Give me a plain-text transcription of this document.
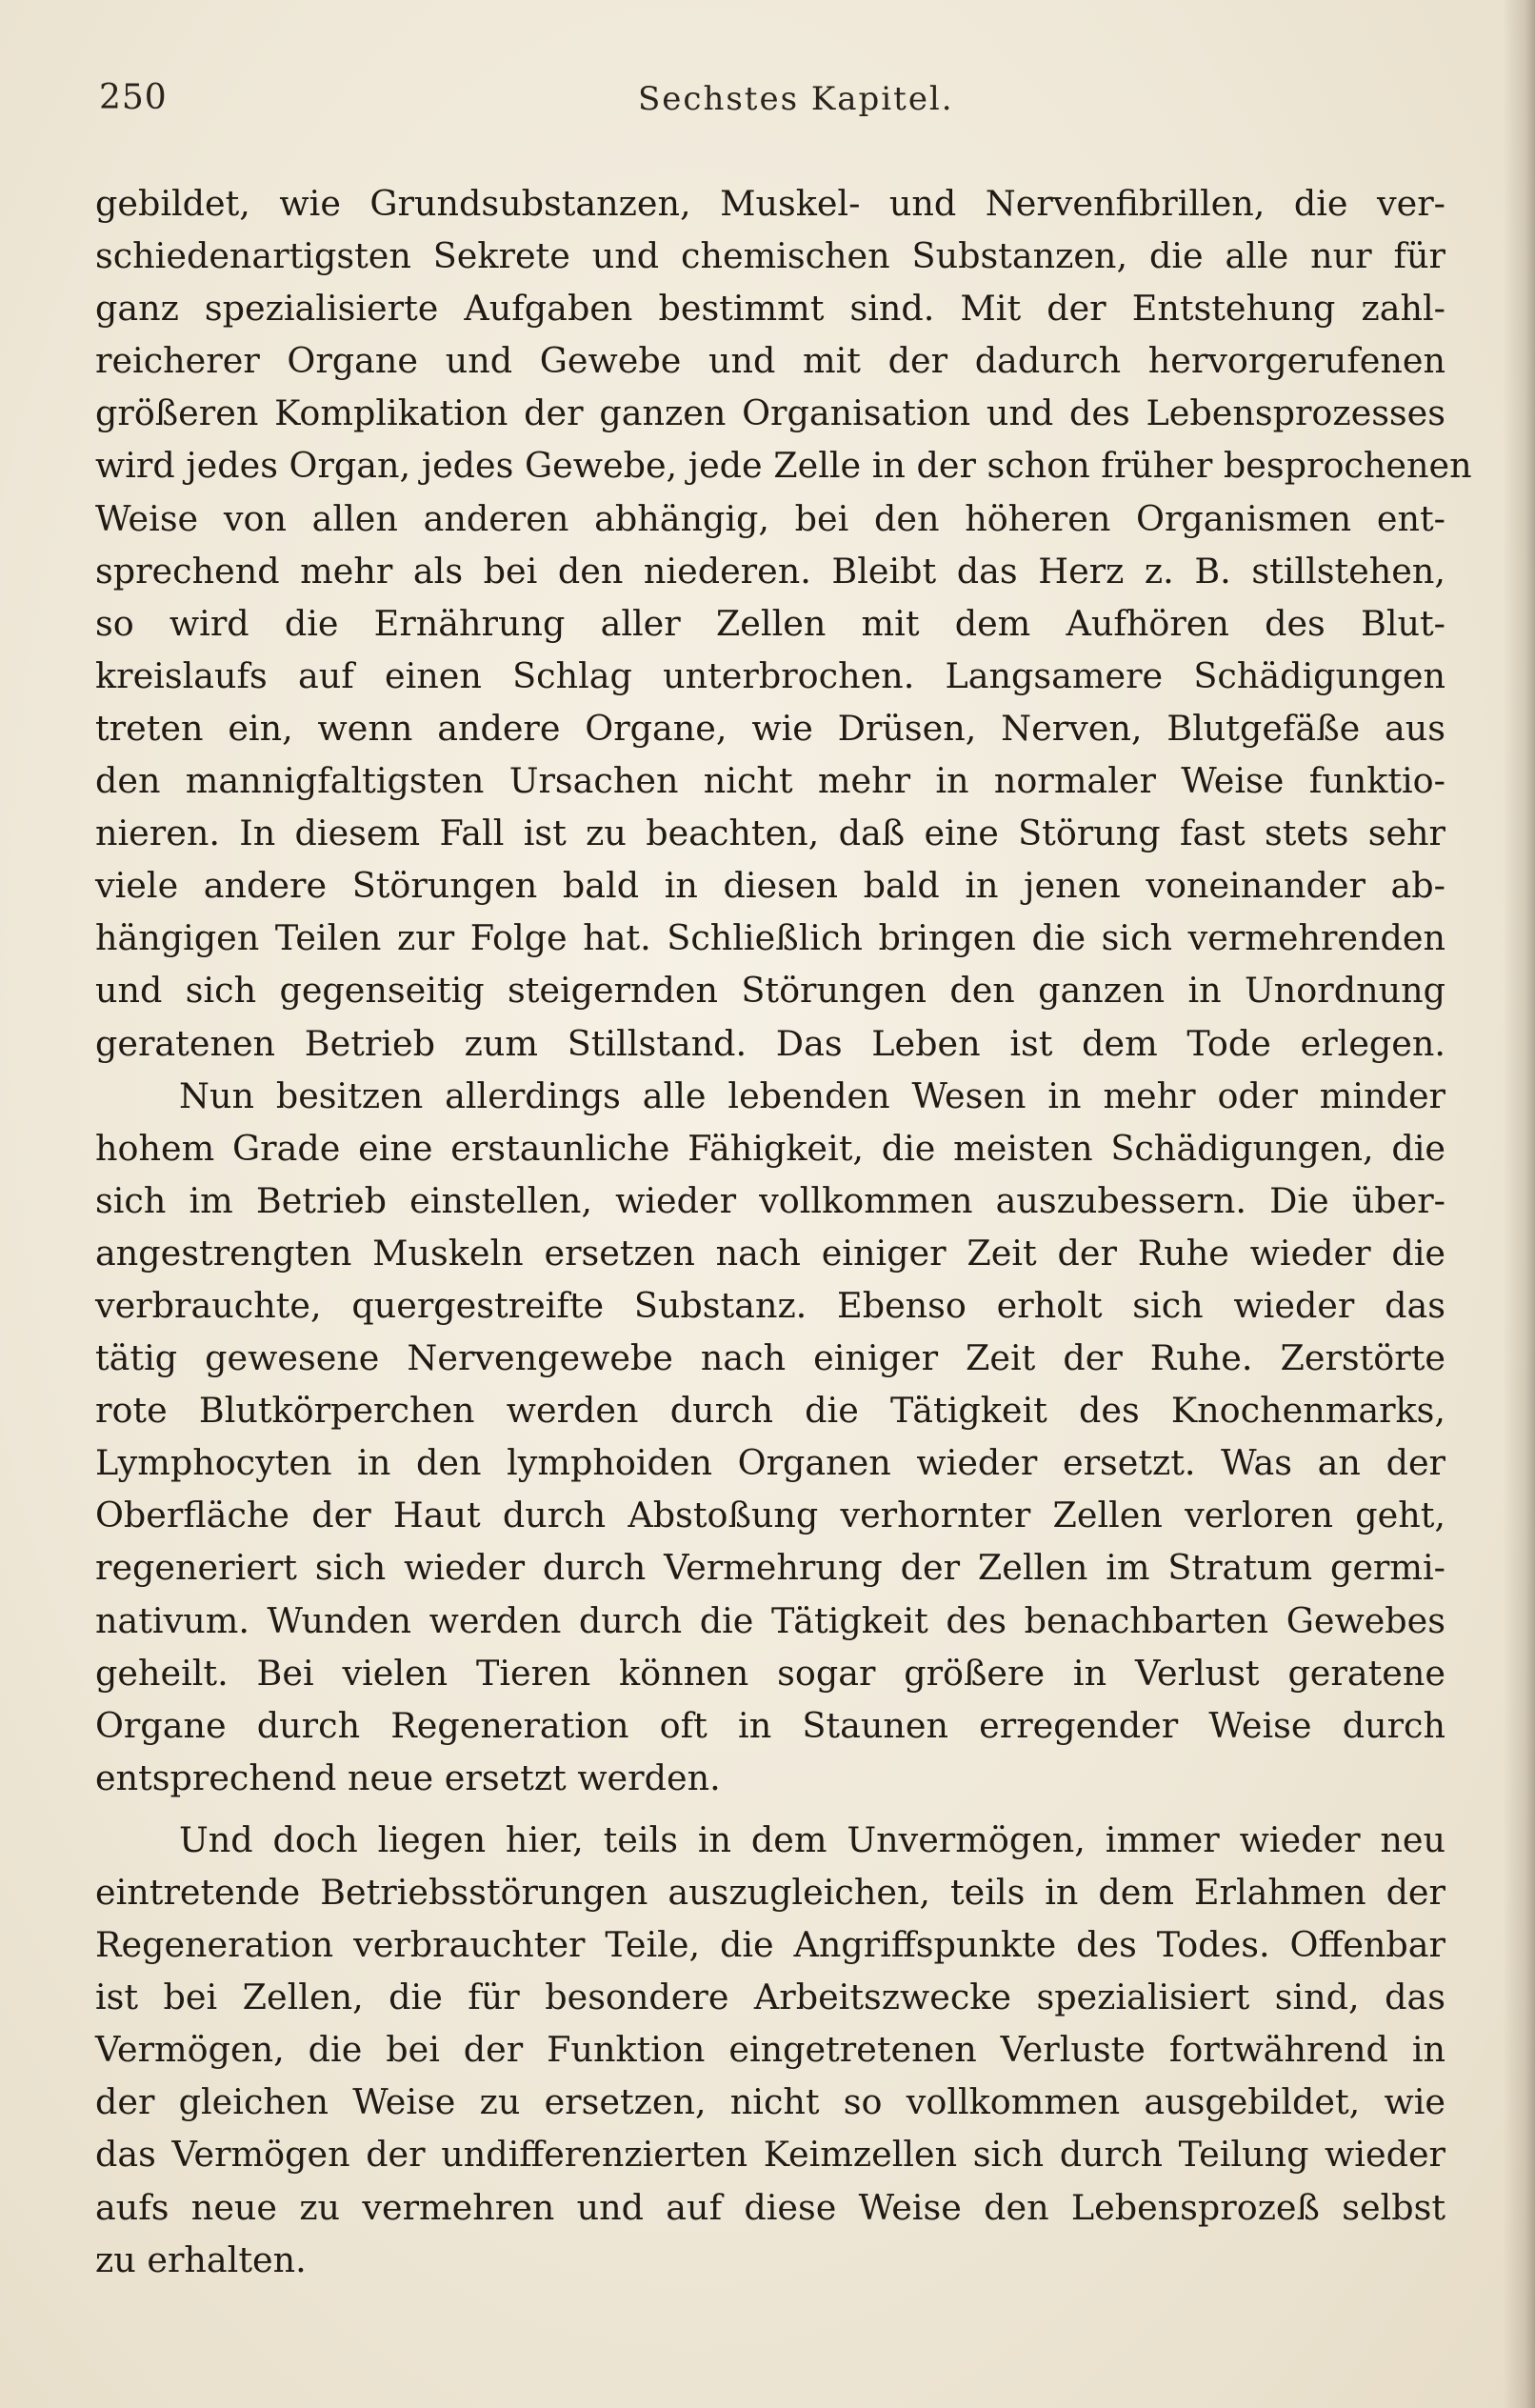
250	Sechstes Kapitel.

gebildet, wie Grundsubstanzen, Muskel- und Nervenfibrillen, die ver-
schiedenartigsten Sekrete und chemischen Substanzen, die alle nur für
ganz spezialisierte Aufgaben bestimmt sind. Mit der Entstehung zahl-
reicherer Organe und Gewebe und mit der dadurch hervorgerufenen
größeren Komplikation der ganzen Organisation und des Lebensprozesses
wird jedes Organ, jedes Gewebe, jede Zelle in der schon früher besprochenen
Weise von allen anderen abhängig, bei den höheren Organismen ent-
sprechend mehr als bei den niederen. Bleibt das Herz z. B. stillstehen,
so wird die Ernährung aller Zellen mit dem Aufhören des Blut-
kreislaufs auf einen Schlag unterbrochen. Langsamere Schädigungen
treten ein, wenn andere Organe, wie Drüsen, Nerven, Blutgefäße aus
den mannigfaltigsten Ursachen nicht mehr in normaler Weise funktio-
nieren. In diesem Fall ist zu beachten, daß eine Störung fast stets sehr
viele andere Störungen bald in diesen bald in jenen voneinander ab-
hängigen Teilen zur Folge hat. Schließlich bringen die sich vermehrenden
und sich gegenseitig steigernden Störungen den ganzen in Unordnung
geratenen Betrieb zum Stillstand. Das Leben ist dem Tode erlegen.

Nun besitzen allerdings alle lebenden Wesen in mehr oder minder
hohem Grade eine erstaunliche Fähigkeit, die meisten Schädigungen, die
sich im Betrieb einstellen, wieder vollkommen auszubessern. Die über-
angestrengten Muskeln ersetzen nach einiger Zeit der Ruhe wieder die
verbrauchte, quergestreifte Substanz. Ebenso erholt sich wieder das
tätig gewesene Nervengewebe nach einiger Zeit der Ruhe. Zerstörte
rote Blutkörperchen werden durch die Tätigkeit des Knochenmarks,
Lymphocyten in den lymphoiden Organen wieder ersetzt. Was an der
Oberfläche der Haut durch Abstoßung verhornter Zellen verloren geht,
regeneriert sich wieder durch Vermehrung der Zellen im Stratum germi-
nativum. Wunden werden durch die Tätigkeit des benachbarten Gewebes
geheilt. Bei vielen Tieren können sogar größere in Verlust geratene
Organe durch Regeneration oft in Staunen erregender Weise durch
entsprechend neue ersetzt werden.

Und doch liegen hier, teils in dem Unvermögen, immer wieder neu
eintretende Betriebsstörungen auszugleichen, teils in dem Erlahmen der
Regeneration verbrauchter Teile, die Angriffspunkte des Todes. Offenbar
ist bei Zellen, die für besondere Arbeitszwecke spezialisiert sind, das
Vermögen, die bei der Funktion eingetretenen Verluste fortwährend in
der gleichen Weise zu ersetzen, nicht so vollkommen ausgebildet, wie
das Vermögen der undifferenzierten Keimzellen sich durch Teilung wieder
aufs neue zu vermehren und auf diese Weise den Lebensprozeß selbst
zu erhalten.
